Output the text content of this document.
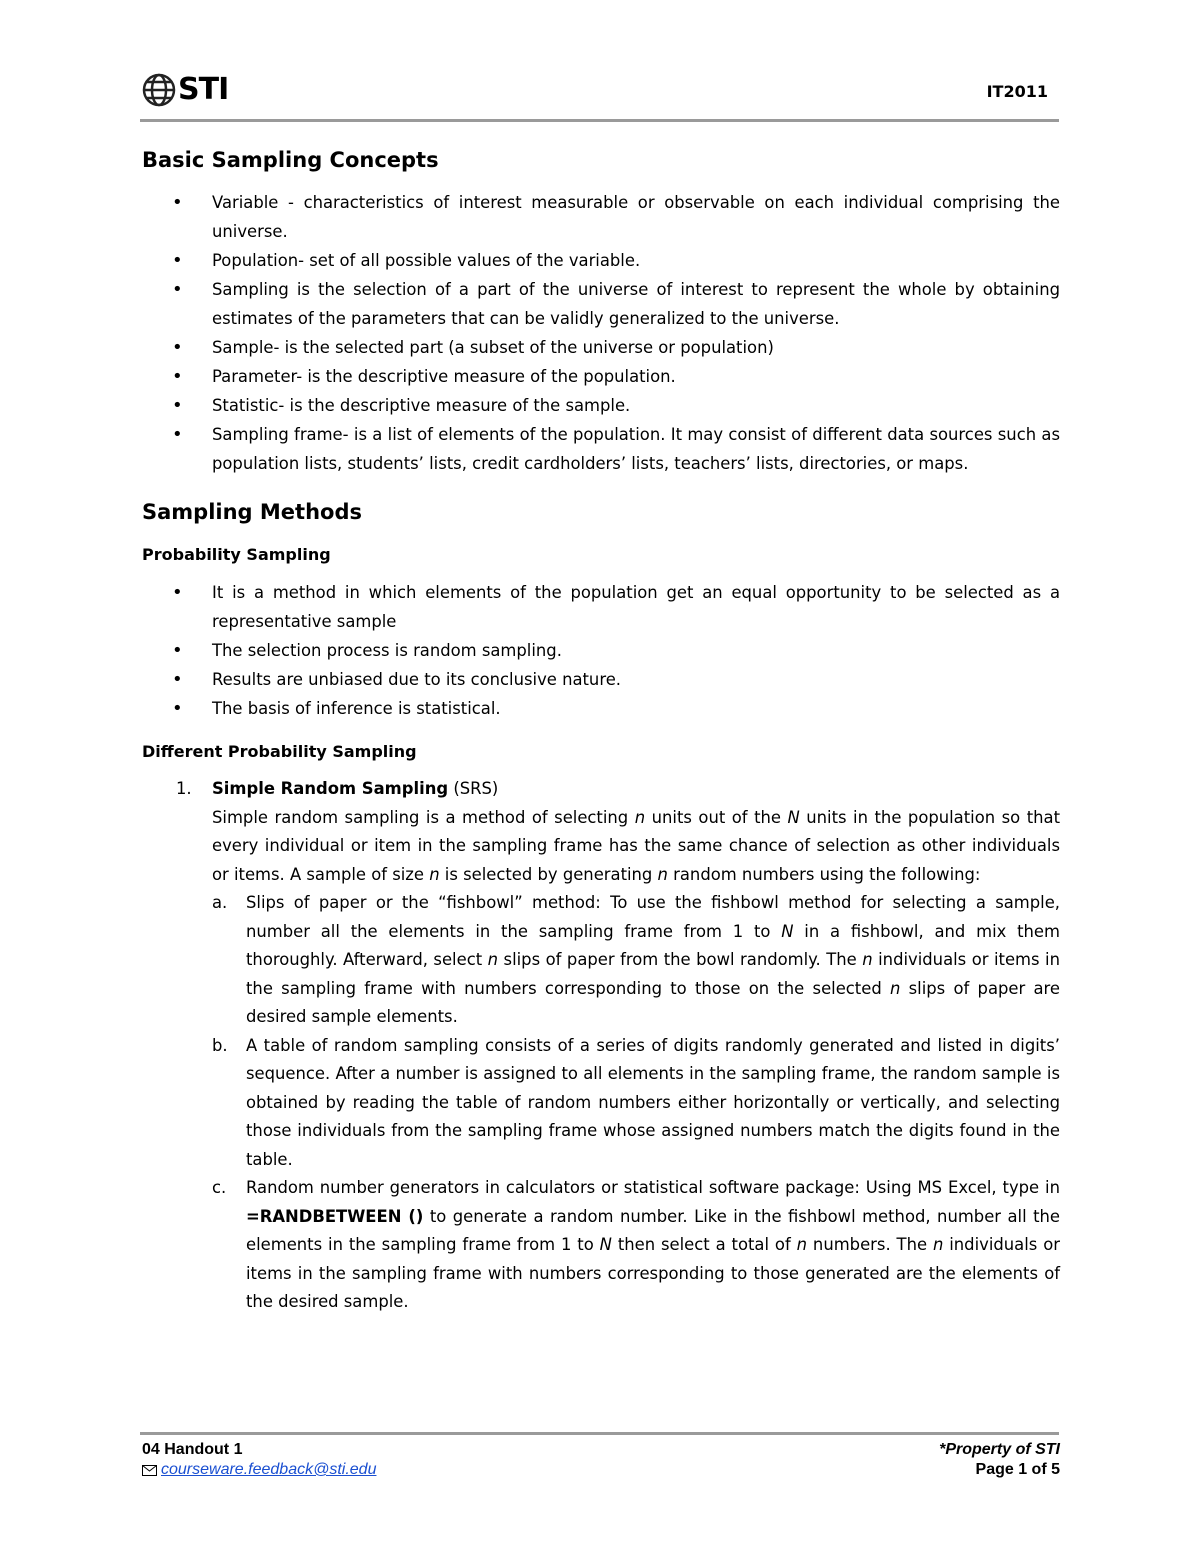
STI	IT2011
Basic Sampling Concepts
• Variable - characteristics of interest measurable or observable on each individual comprising the universe.
• Population- set of all possible values of the variable.
• Sampling is the selection of a part of the universe of interest to represent the whole by obtaining estimates of the parameters that can be validly generalized to the universe.
• Sample- is the selected part (a subset of the universe or population)
• Parameter- is the descriptive measure of the population.
• Statistic- is the descriptive measure of the sample.
• Sampling frame- is a list of elements of the population. It may consist of different data sources such as population lists, students’ lists, credit cardholders’ lists, teachers’ lists, directories, or maps.
Sampling Methods
Probability Sampling
• It is a method in which elements of the population get an equal opportunity to be selected as a representative sample
• The selection process is random sampling.
• Results are unbiased due to its conclusive nature.
• The basis of inference is statistical.
Different Probability Sampling
1. Simple Random Sampling (SRS)
Simple random sampling is a method of selecting n units out of the N units in the population so that every individual or item in the sampling frame has the same chance of selection as other individuals or items. A sample of size n is selected by generating n random numbers using the following:
a. Slips of paper or the “fishbowl” method: To use the fishbowl method for selecting a sample, number all the elements in the sampling frame from 1 to N in a fishbowl, and mix them thoroughly. Afterward, select n slips of paper from the bowl randomly. The n individuals or items in the sampling frame with numbers corresponding to those on the selected n slips of paper are desired sample elements.
b. A table of random sampling consists of a series of digits randomly generated and listed in digits’ sequence. After a number is assigned to all elements in the sampling frame, the random sample is obtained by reading the table of random numbers either horizontally or vertically, and selecting those individuals from the sampling frame whose assigned numbers match the digits found in the table.
c. Random number generators in calculators or statistical software package: Using MS Excel, type in =RANDBETWEEN () to generate a random number. Like in the fishbowl method, number all the elements in the sampling frame from 1 to N then select a total of n numbers. The n individuals or items in the sampling frame with numbers corresponding to those generated are the elements of the desired sample.
04 Handout 1	*Property of STI
courseware.feedback@sti.edu	Page 1 of 5
